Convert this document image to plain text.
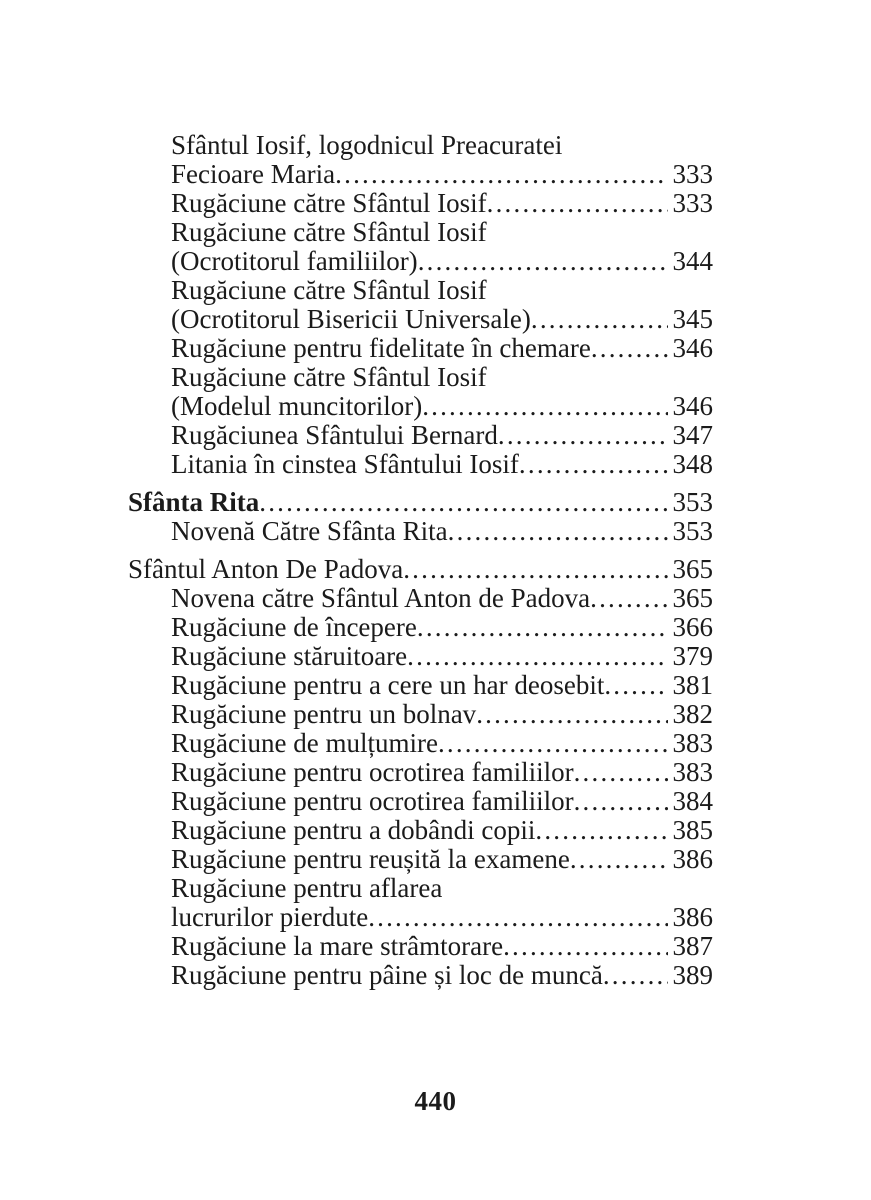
Sfântul Iosif, logodnicul Preacuratei
Fecioare Maria .....	333
Rugăciune către Sfântul Iosif .....	333
Rugăciune către Sfântul Iosif
(Ocrotitorul familiilor) .....	344
Rugăciune către Sfântul Iosif
(Ocrotitorul Bisericii Universale) .....	345
Rugăciune pentru fidelitate în chemare .....	346
Rugăciune către Sfântul Iosif
(Modelul muncitorilor) .....	346
Rugăciunea Sfântului Bernard .....	347
Litania în cinstea Sfântului Iosif .....	348
Sfânta Rita .....	353
Novenă Către Sfânta Rita .....	353
Sfântul Anton De Padova .....	365
Novena către Sfântul Anton de Padova .....	365
Rugăciune de începere .....	366
Rugăciune stăruitoare .....	379
Rugăciune pentru a cere un har deosebit .....	381
Rugăciune pentru un bolnav .....	382
Rugăciune de mulțumire .....	383
Rugăciune pentru ocrotirea familiilor .....	383
Rugăciune pentru ocrotirea familiilor .....	384
Rugăciune pentru a dobândi copii .....	385
Rugăciune pentru reușită la examene .....	386
Rugăciune pentru aflarea
lucrurilor pierdute .....	386
Rugăciune la mare strâmtorare .....	387
Rugăciune pentru pâine și loc de muncă .....	389
440
